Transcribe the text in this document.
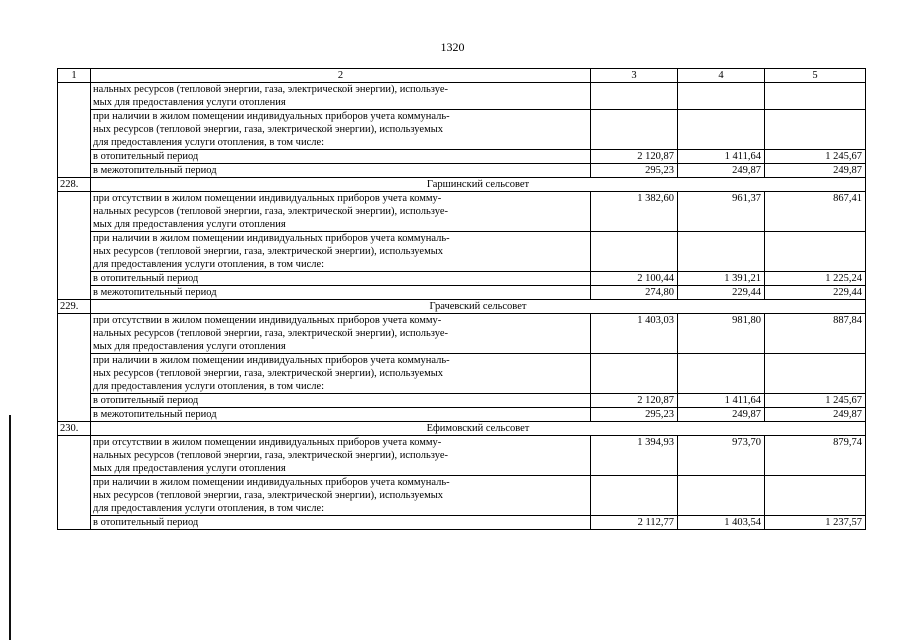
1320
1	2	3	4	5

	нальных ресурсов (тепловой энергии, газа, электрической энергии), используе-
мых для предоставления услуги отопления			

	при наличии в жилом помещении индивидуальных приборов учета коммуналь-
ных ресурсов (тепловой энергии, газа, электрической энергии), используемых
для предоставления услуги отопления, в том числе:			

	в отопительный период	2 120,87	1 411,64	1 245,67
	в межотопительный период	295,23	249,87	249,87
228.	Гаршинский сельсовет			

	при отсутствии в жилом помещении индивидуальных приборов учета комму-
нальных ресурсов (тепловой энергии, газа, электрической энергии), используе-
мых для предоставления услуги отопления	1 382,60	961,37	867,41

	при наличии в жилом помещении индивидуальных приборов учета коммуналь-
ных ресурсов (тепловой энергии, газа, электрической энергии), используемых
для предоставления услуги отопления, в том числе:			

	в отопительный период	2 100,44	1 391,21	1 225,24
	в межотопительный период	274,80	229,44	229,44
229.	Грачевский сельсовет			

	при отсутствии в жилом помещении индивидуальных приборов учета комму-
нальных ресурсов (тепловой энергии, газа, электрической энергии), используе-
мых для предоставления услуги отопления	1 403,03	981,80	887,84

	при наличии в жилом помещении индивидуальных приборов учета коммуналь-
ных ресурсов (тепловой энергии, газа, электрической энергии), используемых
для предоставления услуги отопления, в том числе:			

	в отопительный период	2 120,87	1 411,64	1 245,67
	в межотопительный период	295,23	249,87	249,87
230.	Ефимовский сельсовет			

	при отсутствии в жилом помещении индивидуальных приборов учета комму-
нальных ресурсов (тепловой энергии, газа, электрической энергии), используе-
мых для предоставления услуги отопления	1 394,93	973,70	879,74

	при наличии в жилом помещении индивидуальных приборов учета коммуналь-
ных ресурсов (тепловой энергии, газа, электрической энергии), используемых
для предоставления услуги отопления, в том числе:			

	в отопительный период	2 112,77	1 403,54	1 237,57
